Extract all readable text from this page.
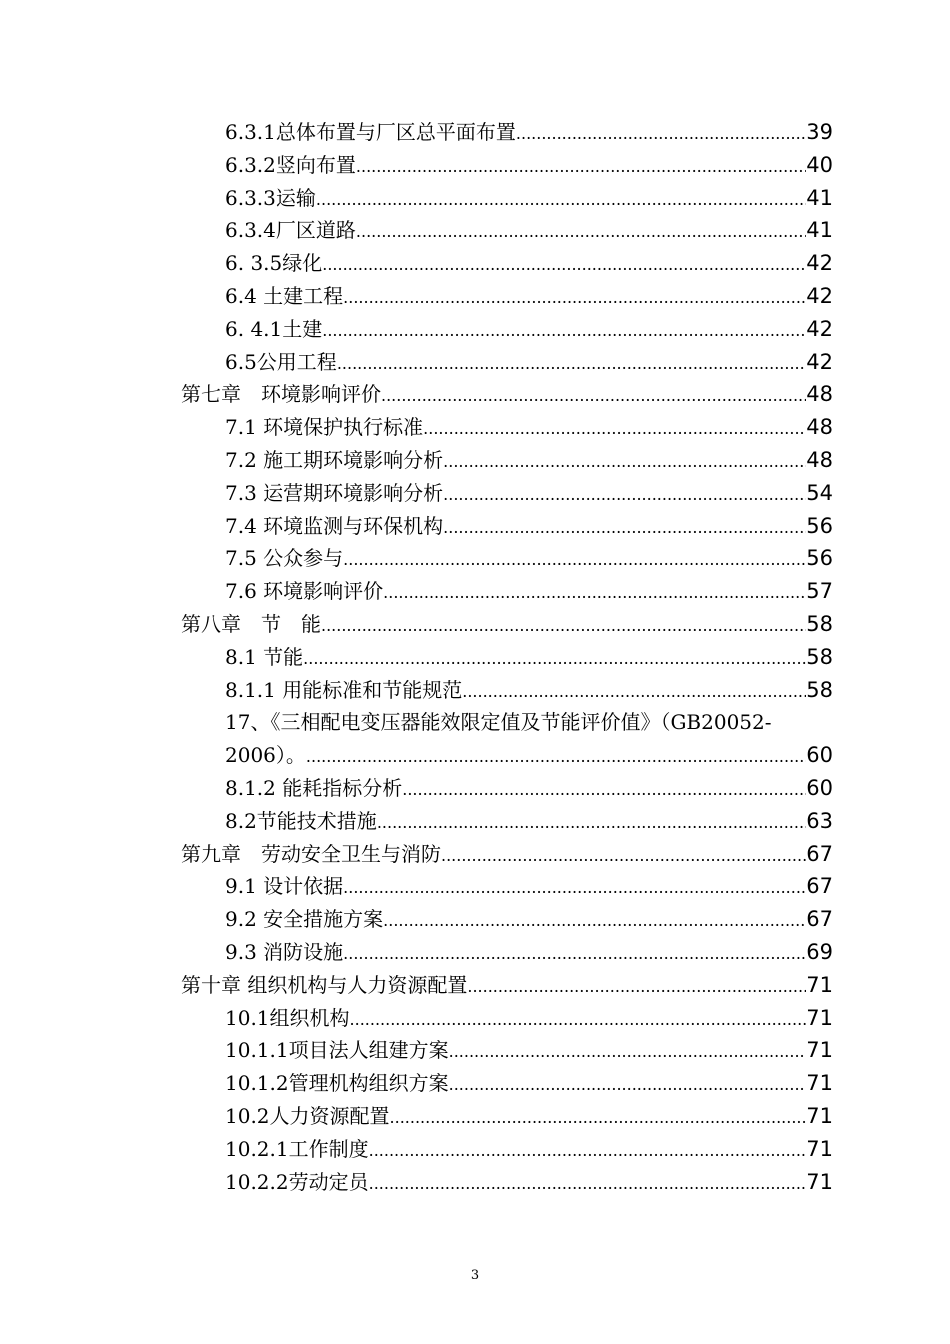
6.3.1总体布置与厂区总平面布置 .....	39
6.3.2竖向布置 .....	40
6.3.3运输 .....	41
6.3.4厂区道路 .....	41
6. 3.5绿化 .....	42
6.4 土建工程 .....	42
6. 4.1土建 .....	42
6.5公用工程 .....	42
第七章　环境影响评价 .....	48
7.1 环境保护执行标准 .....	48
7.2 施工期环境影响分析 .....	48
7.3 运营期环境影响分析 .....	54
7.4 环境监测与环保机构 .....	56
7.5 公众参与 .....	56
7.6 环境影响评价 .....	57
第八章　节　能 .....	58
8.1 节能 .....	58
8.1.1 用能标准和节能规范 .....	58
17、《三相配电变压器能效限定值及节能评价值》（GB20052-
2006）。 .....	60
8.1.2 能耗指标分析 .....	60
8.2节能技术措施 .....	63
第九章　劳动安全卫生与消防 .....	67
9.1 设计依据 .....	67
9.2 安全措施方案 .....	67
9.3 消防设施 .....	69
第十章 组织机构与人力资源配置 .....	71
10.1组织机构 .....	71
10.1.1项目法人组建方案 .....	71
10.1.2管理机构组织方案 .....	71
10.2人力资源配置 .....	71
10.2.1工作制度 .....	71
10.2.2劳动定员 .....	71
3
